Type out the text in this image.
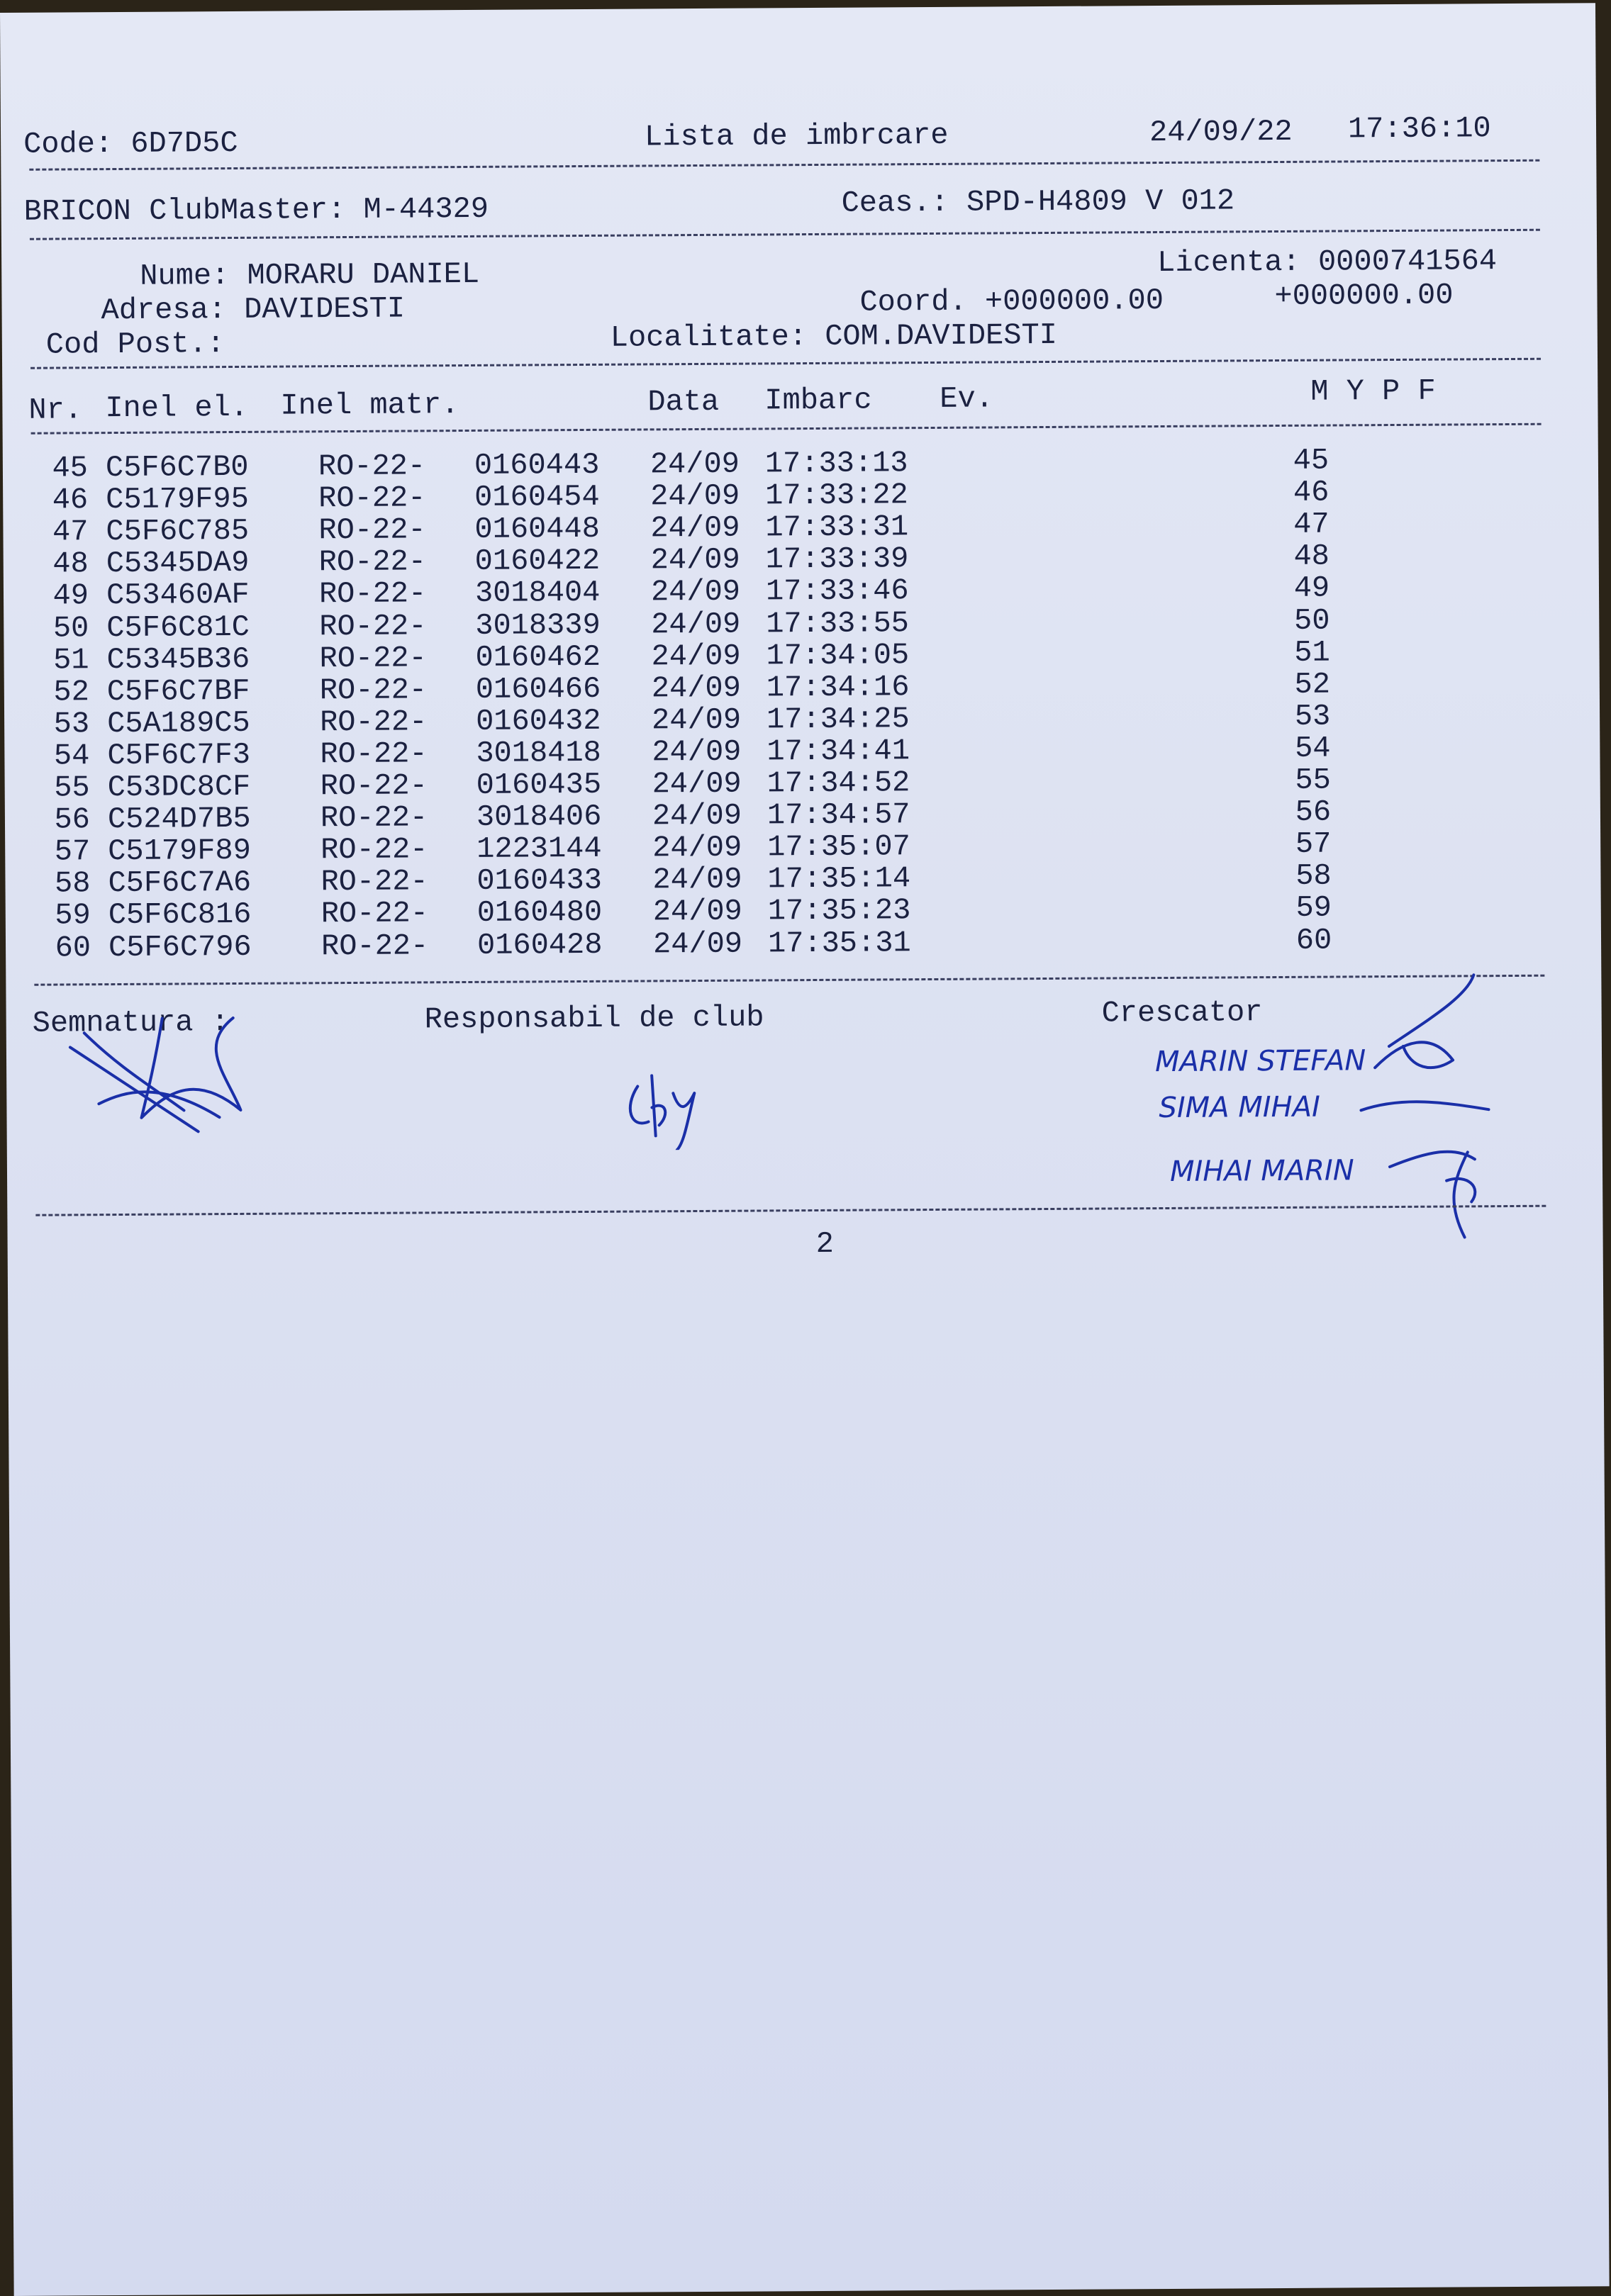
Code: 6D7D5C	Lista de imbrcare	24/09/22 17:36:10
BRICON ClubMaster: M-44329	Ceas.: SPD-H4809 V 012
Nume: MORARU DANIEL	Licenta: 0000741564
Adresa: DAVIDESTI	Coord. +000000.00	+000000.00
Cod Post.:	Localitate: COM.DAVIDESTI
Nr. Inel el. Inel matr.	Data Imbarc Ev.	M Y P F
45 C5F6C7B0 RO-22- 0160443 24/09 17:33:13	45
46 C5179F95 RO-22- 0160454 24/09 17:33:22	46
47 C5F6C785 RO-22- 0160448 24/09 17:33:31	47
48 C5345DA9 RO-22- 0160422 24/09 17:33:39	48
49 C53460AF RO-22- 3018404 24/09 17:33:46	49
50 C5F6C81C RO-22- 3018339 24/09 17:33:55	50
51 C5345B36 RO-22- 0160462 24/09 17:34:05	51
52 C5F6C7BF RO-22- 0160466 24/09 17:34:16	52
53 C5A189C5 RO-22- 0160432 24/09 17:34:25	53
54 C5F6C7F3 RO-22- 3018418 24/09 17:34:41	54
55 C53DC8CF RO-22- 0160435 24/09 17:34:52	55
56 C524D7B5 RO-22- 3018406 24/09 17:34:57	56
57 C5179F89 RO-22- 1223144 24/09 17:35:07	57
58 C5F6C7A6 RO-22- 0160433 24/09 17:35:14	58
59 C5F6C816 RO-22- 0160480 24/09 17:35:23	59
60 C5F6C796 RO-22- 0160428 24/09 17:35:31	60
Semnatura :	Responsabil de club	Crescator
MARIN STEFAN
SIMA MIHAI
MIHAI MARIN
2
